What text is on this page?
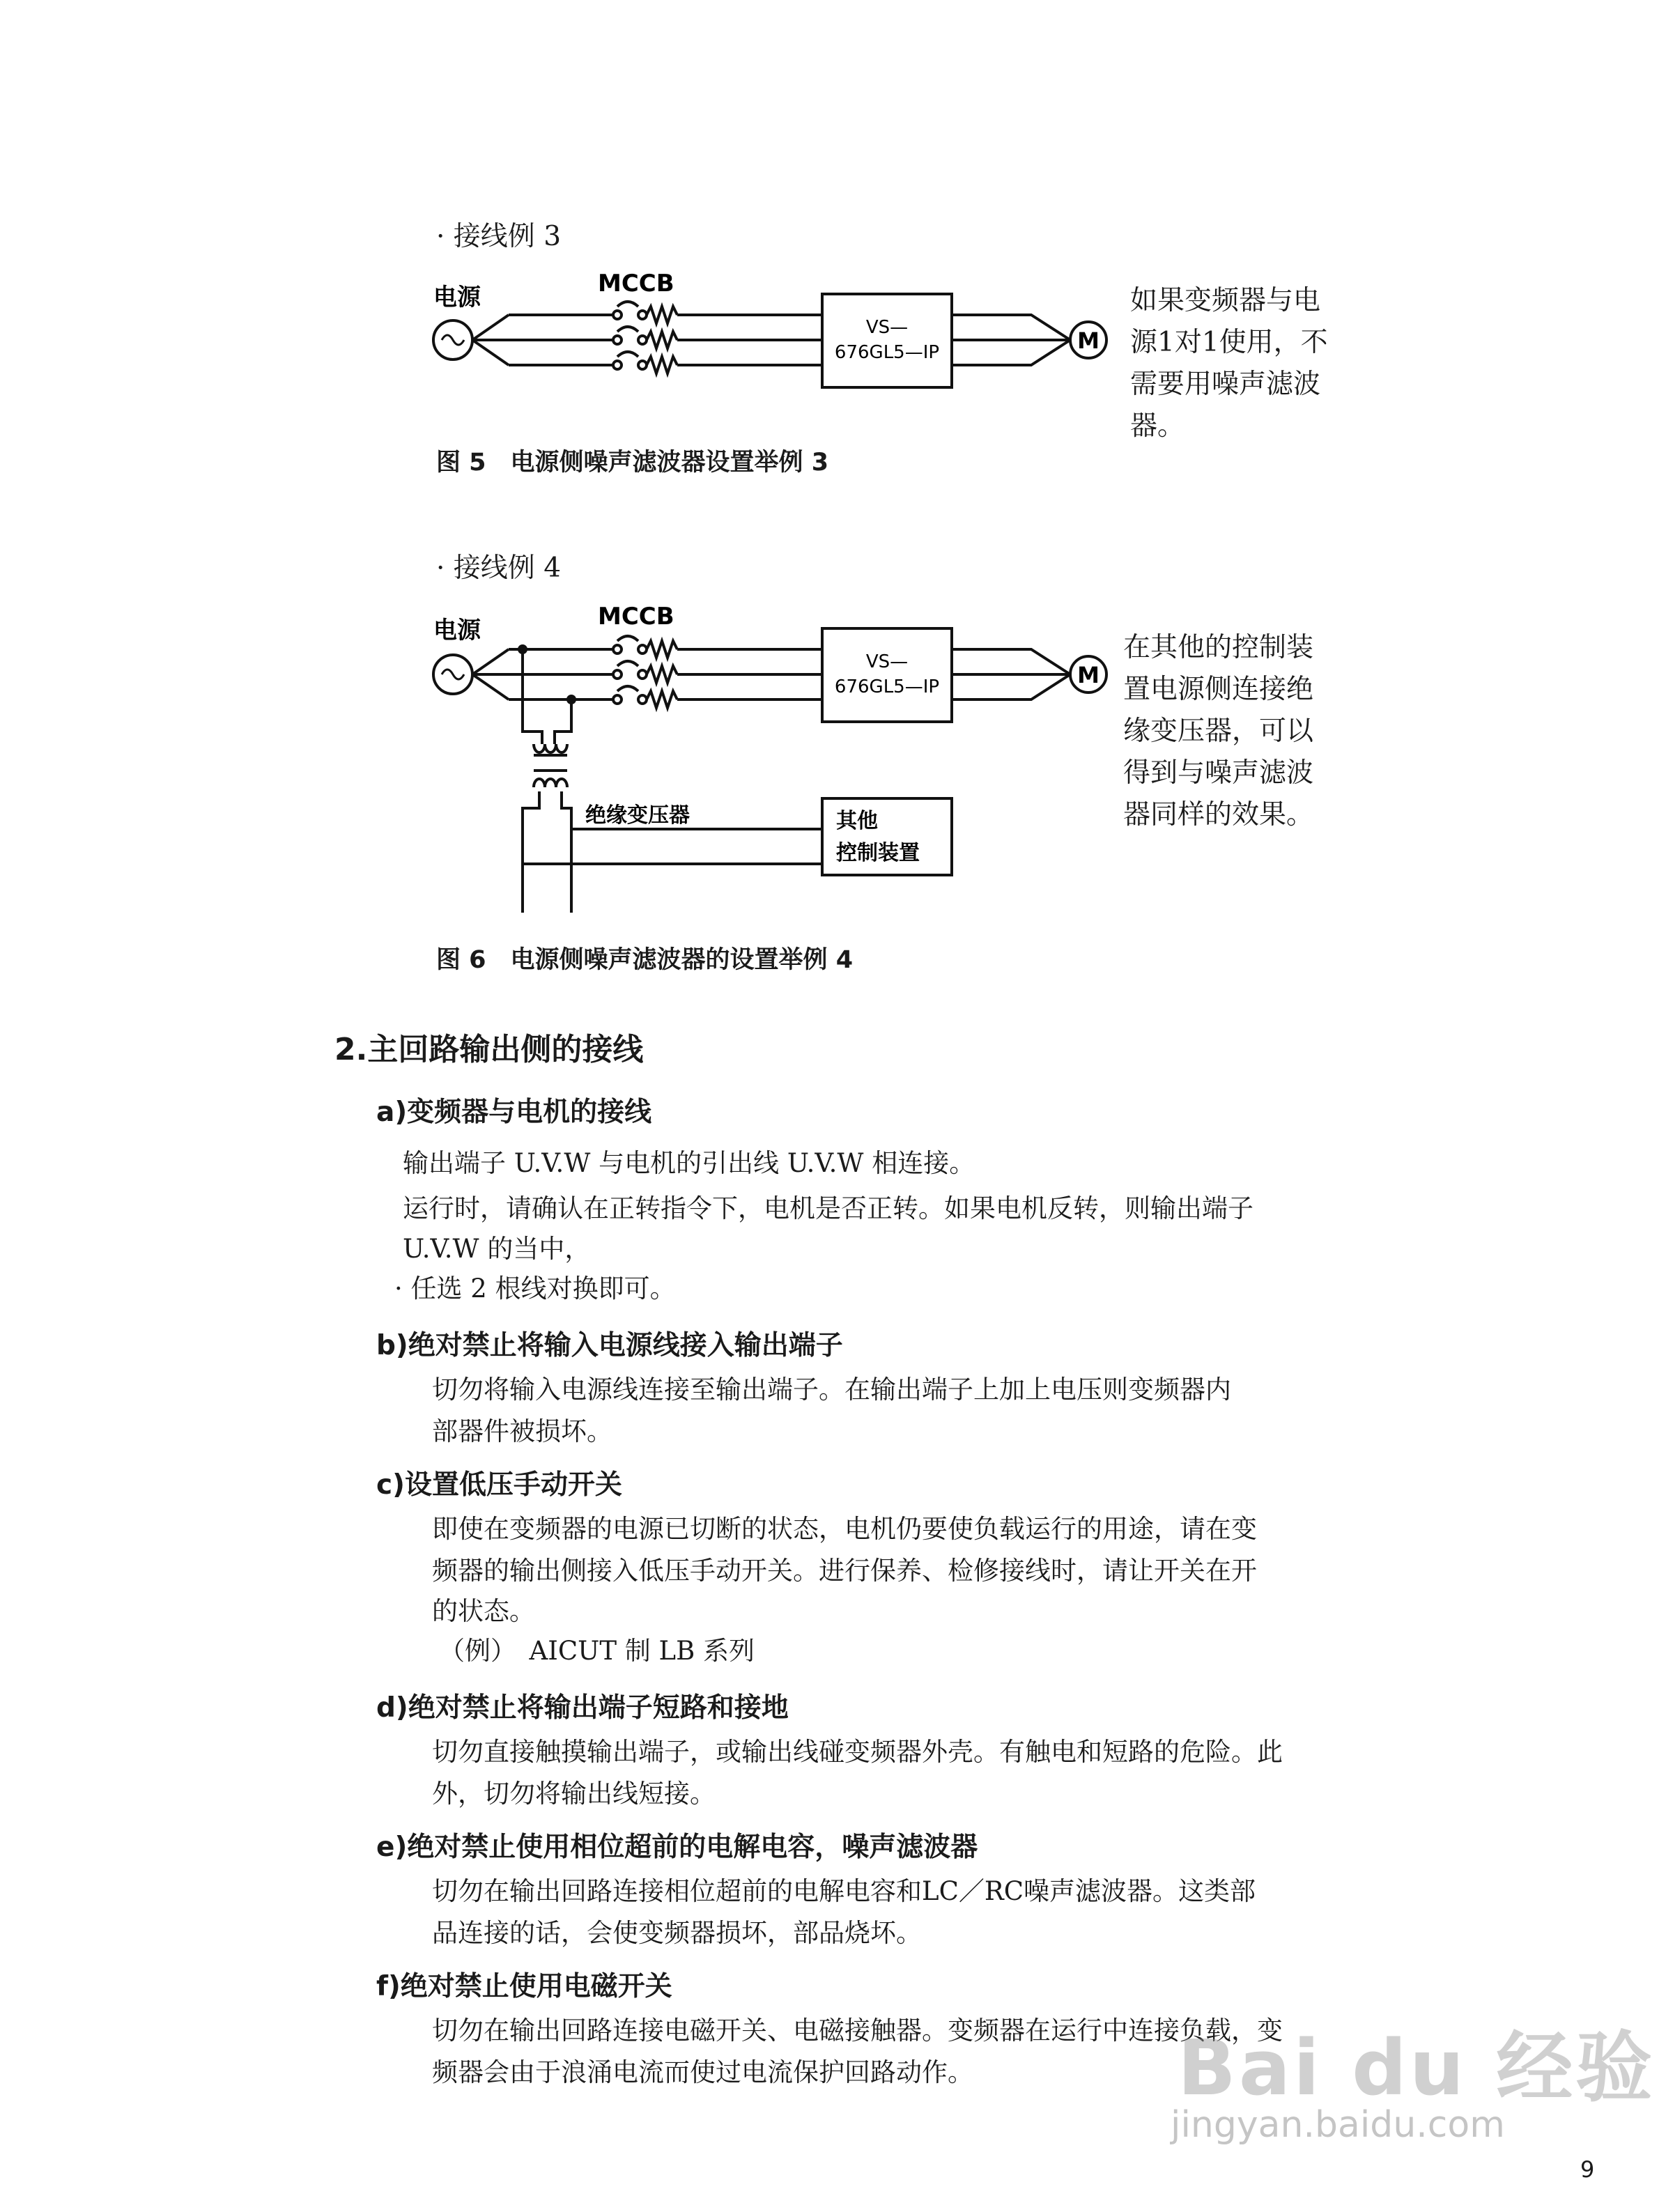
· 接线例 3
电源	MCCB
VS—
676GL5—IP	M
如果变频器与电源1对1使用，不需要用噪声滤波器。
图 5　电源侧噪声滤波器设置举例 3
· 接线例 4
电源	MCCB
绝缘变压器	其他
控制装置
VS—
676GL5—IP	M
在其他的控制装置电源侧连接绝缘变压器，可以得到与噪声滤波器同样的效果。
图 6　电源侧噪声滤波器的设置举例 4
2.主回路输出侧的接线
a)变频器与电机的接线
输出端子 U.V.W 与电机的引出线 U.V.W 相连接。
运行时，请确认在正转指令下，电机是否正转。如果电机反转，则输出端子
U.V.W 的当中，
· 任选 2 根线对换即可。
b)绝对禁止将输入电源线接入输出端子
切勿将输入电源线连接至输出端子。在输出端子上加上电压则变频器内
部器件被损坏。
c)设置低压手动开关
即使在变频器的电源已切断的状态，电机仍要使负载运行的用途，请在变
频器的输出侧接入低压手动开关。进行保养、检修接线时，请让开关在开
的状态。
（例）　AICUT 制 LB 系列
d)绝对禁止将输出端子短路和接地
切勿直接触摸输出端子，或输出线碰变频器外壳。有触电和短路的危险。此
外，切勿将输出线短接。
e)绝对禁止使用相位超前的电解电容，噪声滤波器
切勿在输出回路连接相位超前的电解电容和LC／RC噪声滤波器。这类部
品连接的话，会使变频器损坏，部品烧坏。
f)绝对禁止使用电磁开关
切勿在输出回路连接电磁开关、电磁接触器。变频器在运行中连接负载，变
频器会由于浪涌电流而使过电流保护回路动作。	Bai du 经验
jingyan.baidu.com
9
